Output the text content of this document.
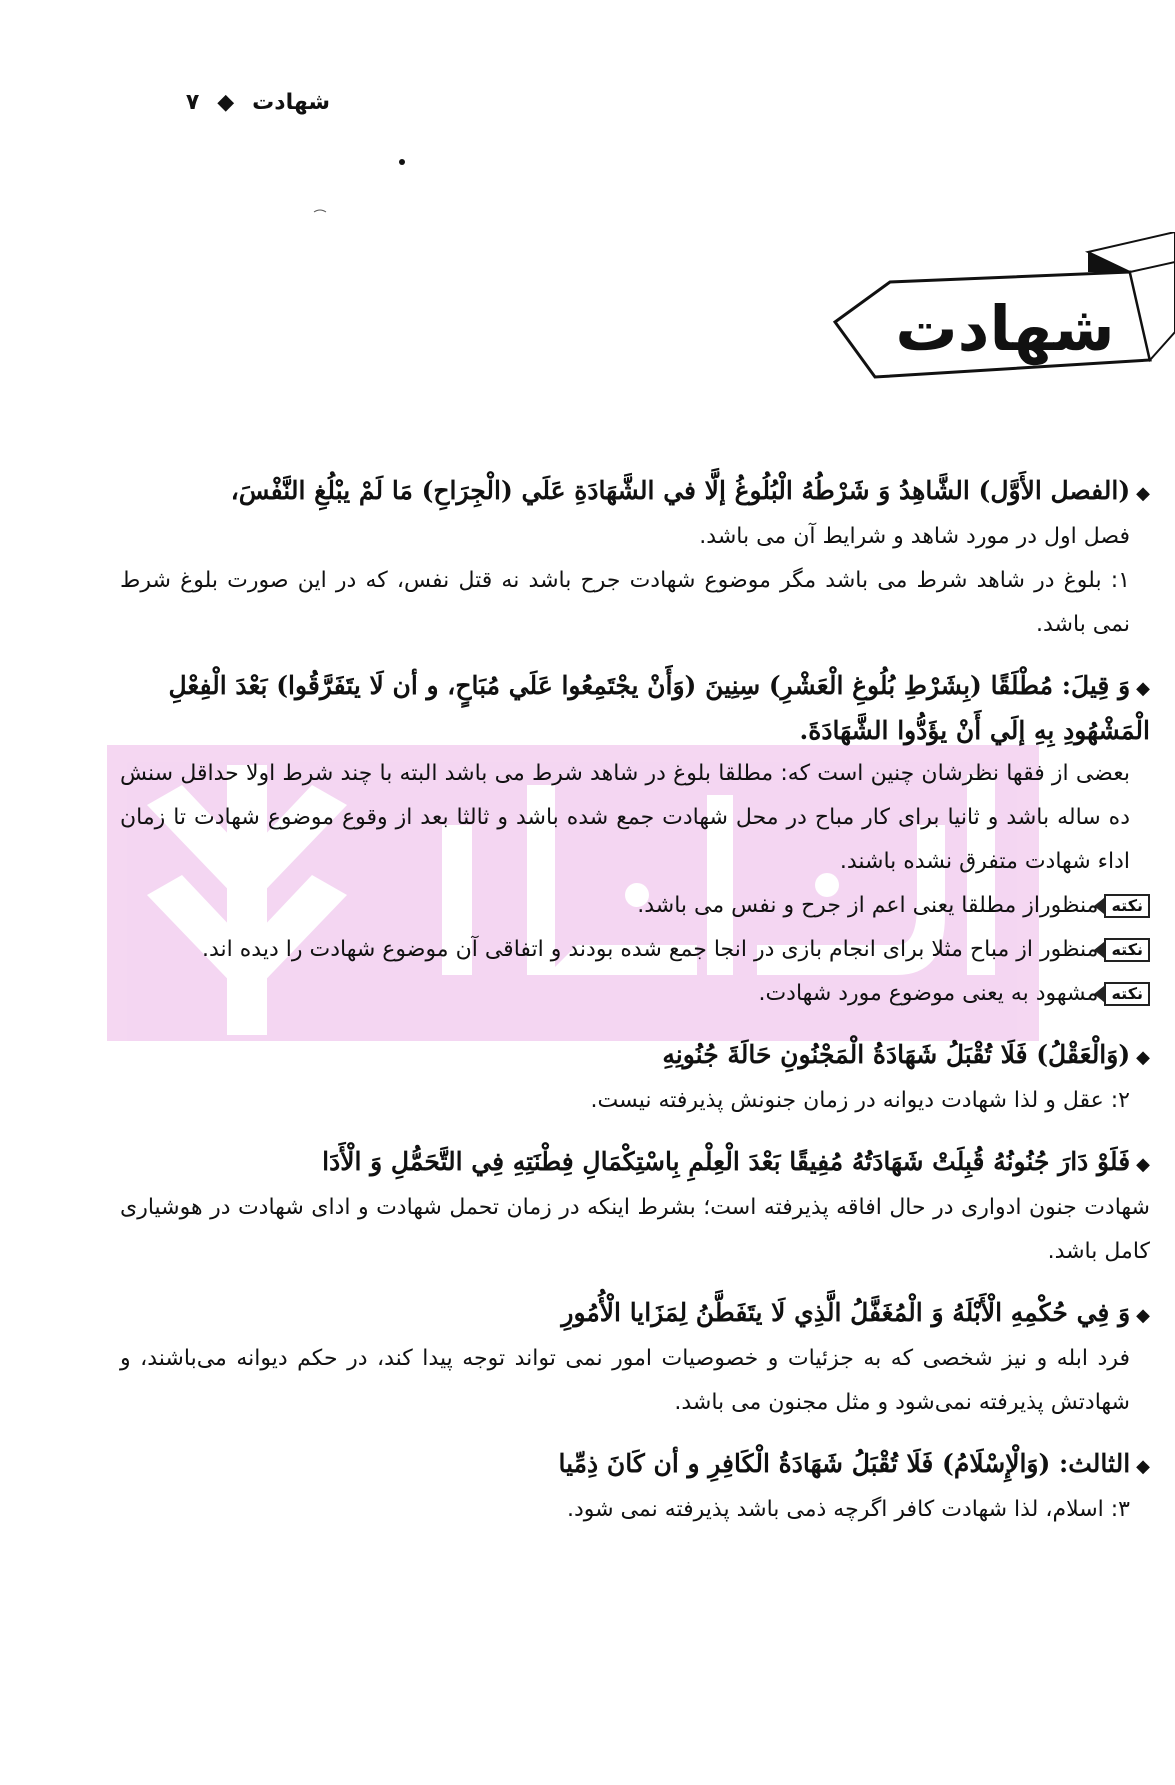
شهادت
◆
۷
شهادت

◆(الفصل الأَوَّل) الشَّاهِدُ وَ شَرْطُهُ الْبُلُوغُ إلَّا في الشَّهَادَةِ عَلَي (الْجِرَاحِ) مَا لَمْ يبْلُغِ النَّفْسَ،

فصل اول در مورد شاهد و شرایط آن می باشد.

۱: بلوغ در شاهد شرط می باشد مگر موضوع شهادت جرح باشد نه قتل نفس، که در این صورت بلوغ شرط نمی باشد.

◆وَ قِيلَ: مُطْلَقًا (بِشَرْطِ بُلُوغِ الْعَشْرِ) سِنِينَ (وَأَنْ يجْتَمِعُوا عَلَي مُبَاحٍ، و أن لَا يتَفَرَّقُوا) بَعْدَ الْفِعْلِ الْمَشْهُودِ بِهِ إلَي أَنْ يؤَدُّوا الشَّهَادَةَ.

بعضی از فقها نظرشان چنین است که: مطلقا بلوغ در شاهد شرط می باشد البته با چند شرط اولا حداقل سنش ده ساله باشد و ثانیا برای کار مباح در محل شهادت جمع شده باشد و ثالثا بعد از وقوع موضوع شهادت تا زمان اداء شهادت متفرق نشده باشند.

نکتهمنظوراز مطلقا یعنی اعم از جرح و نفس می باشد.

نکتهمنظور از مباح مثلا برای انجام بازی در انجا جمع شده بودند و اتفاقی آن موضوع شهادت را دیده اند.

نکتهمشهود به یعنی موضوع مورد شهادت.

◆(وَالْعَقْلُ) فَلَا تُقْبَلُ شَهَادَةُ الْمَجْنُونِ حَالَةَ جُنُونِهِ

۲: عقل و لذا شهادت دیوانه در زمان جنونش پذیرفته نیست.

◆فَلَوْ دَارَ جُنُونُهُ قُبِلَتْ شَهَادَتُهُ مُفِيقًا بَعْدَ الْعِلْمِ بِاسْتِكْمَالِ فِطْنَتِهِ فِي التَّحَمُّلِ وَ الْأَدَا

شهادت جنون ادواری در حال افاقه پذیرفته است؛ بشرط اینکه در زمان تحمل شهادت و ادای شهادت در هوشیاری کامل باشد.

◆وَ فِي حُكْمِهِ الْأَبْلَهُ وَ الْمُغَفَّلُ الَّذِي لَا يتَفَطَّنُ لِمَزَايا الْأُمُورِ

فرد ابله و نیز شخصی که به جزئیات و خصوصیات امور نمی تواند توجه پیدا کند، در حکم دیوانه می‌باشند، و شهادتش پذیرفته نمی‌شود و مثل مجنون می باشد.

◆الثالث: (وَالْإِسْلَامُ) فَلَا تُقْبَلُ شَهَادَةُ الْكَافِرِ و أن كَانَ ذِمِّيا

۳: اسلام، لذا شهادت کافر اگرچه ذمی باشد پذیرفته نمی شود.
